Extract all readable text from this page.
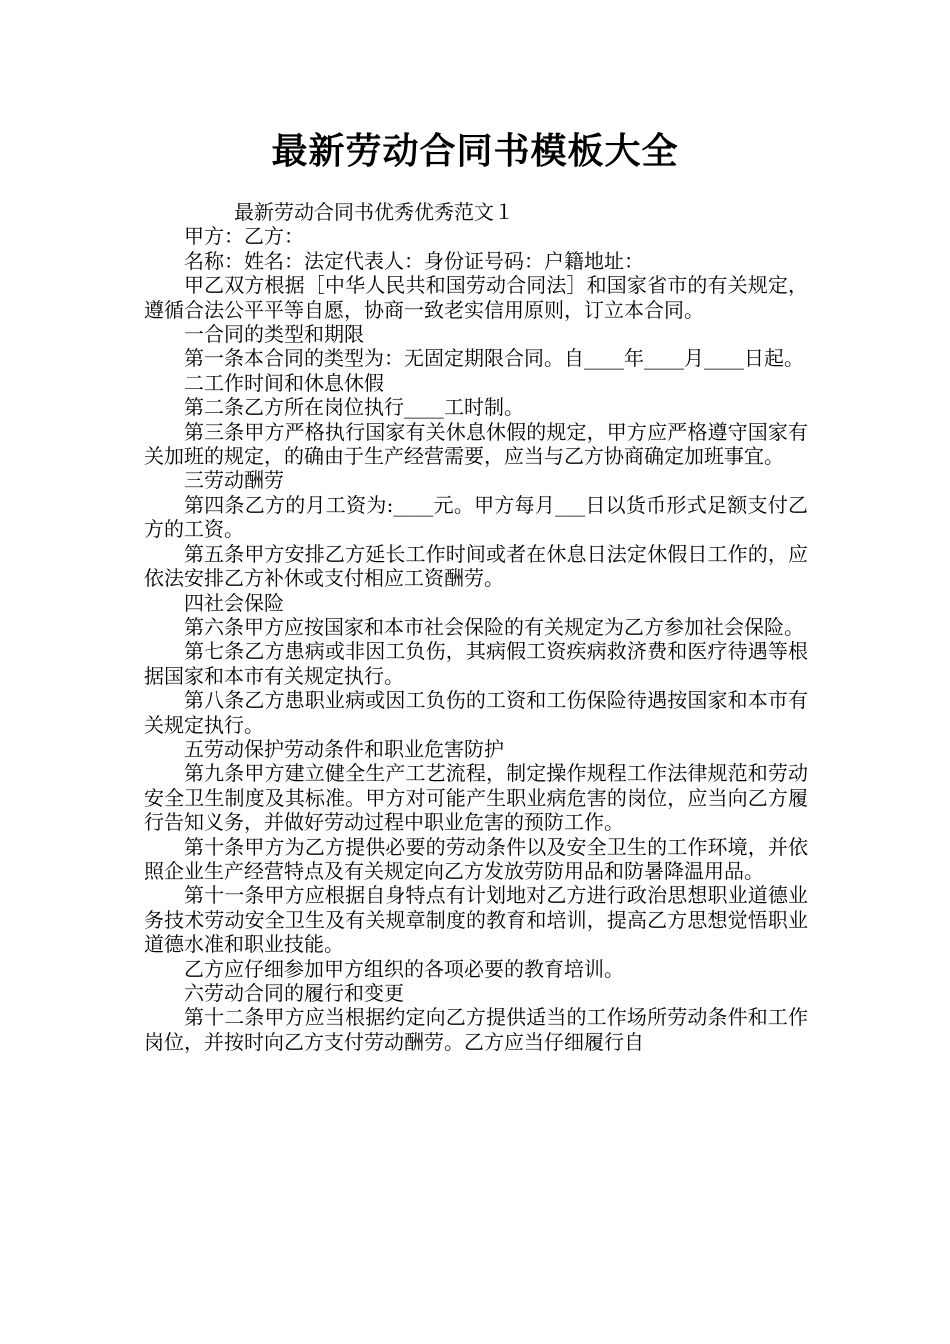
最新劳动合同书模板大全

最新劳动合同书优秀优秀范文１

甲方：乙方：

名称：姓名：法定代表人：身份证号码：户籍地址：

甲乙双方根据［中华人民共和国劳动合同法］和国家省市的有关规定，遵循合法公平平等自愿，协商一致老实信用原则，订立本合同。

一合同的类型和期限

第一条本合同的类型为：无固定期限合同。自____年____月____日起。

二工作时间和休息休假

第二条乙方所在岗位执行____工时制。

第三条甲方严格执行国家有关休息休假的规定，甲方应严格遵守国家有关加班的规定，的确由于生产经营需要，应当与乙方协商确定加班事宜。

三劳动酬劳

第四条乙方的月工资为:____元。甲方每月___日以货币形式足额支付乙方的工资。

第五条甲方安排乙方延长工作时间或者在休息日法定休假日工作的，应依法安排乙方补休或支付相应工资酬劳。

四社会保险

第六条甲方应按国家和本市社会保险的有关规定为乙方参加社会保险。

第七条乙方患病或非因工负伤，其病假工资疾病救济费和医疗待遇等根据国家和本市有关规定执行。

第八条乙方患职业病或因工负伤的工资和工伤保险待遇按国家和本市有关规定执行。

五劳动保护劳动条件和职业危害防护

第九条甲方建立健全生产工艺流程，制定操作规程工作法律规范和劳动安全卫生制度及其标准。甲方对可能产生职业病危害的岗位，应当向乙方履行告知义务，并做好劳动过程中职业危害的预防工作。

第十条甲方为乙方提供必要的劳动条件以及安全卫生的工作环境，并依照企业生产经营特点及有关规定向乙方发放劳防用品和防暑降温用品。

第十一条甲方应根据自身特点有计划地对乙方进行政治思想职业道德业务技术劳动安全卫生及有关规章制度的教育和培训，提高乙方思想觉悟职业道德水准和职业技能。

乙方应仔细参加甲方组织的各项必要的教育培训。

六劳动合同的履行和变更

第十二条甲方应当根据约定向乙方提供适当的工作场所劳动条件和工作岗位，并按时向乙方支付劳动酬劳。乙方应当仔细履行自
